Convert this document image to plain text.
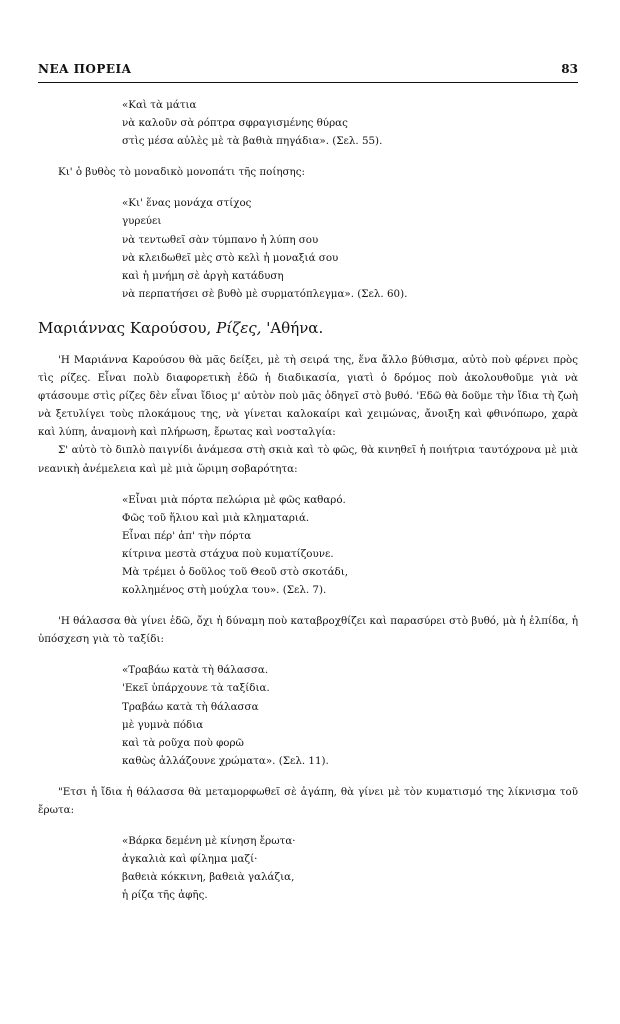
ΝΕΑ ΠΟΡΕΙΑ	83
«Καὶ τὰ μάτια
νὰ καλοῦν σὰ ρόπτρα σφραγισμένης θύρας
στὶς μέσα αὐλὲς μὲ τὰ βαθιὰ πηγάδια». (Σελ. 55).

Κι' ὁ βυθὸς τὸ μοναδικὸ μονοπάτι τῆς ποίησης:

«Κι' ἕνας μονάχα στίχος
γυρεύει
νὰ τεντωθεῖ σὰν τύμπανο ἡ λύπη σου
νὰ κλειδωθεῖ μὲς στὸ κελὶ ἡ μοναξιά σου
καὶ ἡ μνήμη σὲ ἀργὴ κατάδυση
νὰ περπατήσει σὲ βυθὸ μὲ συρματόπλεγμα». (Σελ. 60).
Μαριάννας Καρούσου, Ρίζες, 'Αθήνα.

'Η Μαριάννα Καρούσου θὰ μᾶς δείξει, μὲ τὴ σειρά της, ἕνα ἄλλο βύθισμα, αὐτὸ ποὺ φέρνει πρὸς τὶς ρίζες. Εἶναι πολὺ διαφορετικὴ ἐδῶ ἡ διαδικασία, γιατὶ ὁ δρόμος ποὺ ἀκολουθοῦμε γιὰ νὰ φτάσουμε στὶς ρίζες δὲν εἶναι ἴδιος μ' αὐτὸν ποὺ μᾶς ὁδηγεῖ στὸ βυθό. 'Εδῶ θὰ δοῦμε τὴν ἴδια τὴ ζωὴ νὰ ξετυλίγει τοὺς πλοκάμους της, νὰ γίνεται καλοκαίρι καὶ χειμώνας, ἄνοιξη καὶ φθινόπωρο, χαρὰ καὶ λύπη, ἀναμονὴ καὶ πλήρωση, ἔρωτας καὶ νοσταλγία:

Σ' αὐτὸ τὸ διπλὸ παιγνίδι ἀνάμεσα στὴ σκιὰ καὶ τὸ φῶς, θὰ κινηθεῖ ἡ ποιήτρια ταυτόχρονα μὲ μιὰ νεανικὴ ἀνέμελεια καὶ μὲ μιὰ ὥριμη σοβαρότητα:

«Εἶναι μιὰ πόρτα πελώρια μὲ φῶς καθαρό.
Φῶς τοῦ ἥλιου καὶ μιὰ κληματαριά.
Εἶναι πέρ' ἀπ' τὴν πόρτα
κίτρινα μεστὰ στάχυα ποὺ κυματίζουνε.
Μὰ τρέμει ὁ δοῦλος τοῦ Θεοῦ στὸ σκοτάδι,
κολλημένος στὴ μούχλα του». (Σελ. 7).

'Η θάλασσα θὰ γίνει ἐδῶ, ὄχι ἡ δύναμη ποὺ καταβροχθίζει καὶ παρασύρει στὸ βυθό, μὰ ἡ ἐλπίδα, ἡ ὑπόσχεση γιὰ τὸ ταξίδι:

«Τραβάω κατὰ τὴ θάλασσα.
'Εκεῖ ὑπάρχουνε τὰ ταξίδια.
Τραβάω κατὰ τὴ θάλασσα
μὲ γυμνὰ πόδια
καὶ τὰ ροῦχα ποὺ φορῶ
καθὼς ἀλλάζουνε χρώματα». (Σελ. 11).

"Ετσι ἡ ἴδια ἡ θάλασσα θὰ μεταμορφωθεῖ σὲ ἀγάπη, θὰ γίνει μὲ τὸν κυματισμό της λίκνισμα τοῦ ἔρωτα:

«Βάρκα δεμένη μὲ κίνηση ἔρωτα·
ἀγκαλιὰ καὶ φίλημα μαζί·
βαθειὰ κόκκινη, βαθειὰ γαλάζια,
ἡ ρίζα τῆς ἀφῆς.
